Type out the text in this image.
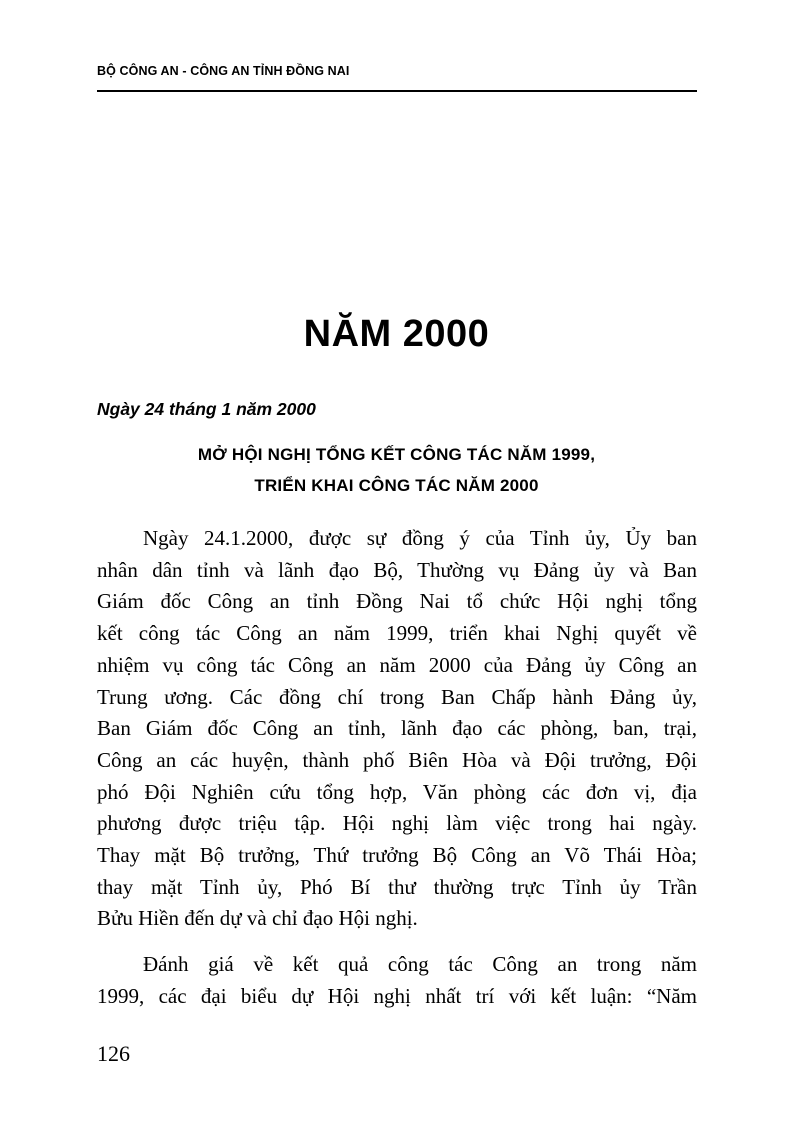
BỘ CÔNG AN - CÔNG AN TỈNH ĐỒNG NAI
NĂM 2000
Ngày 24 tháng 1 năm 2000
MỞ HỘI NGHỊ TỔNG KẾT CÔNG TÁC NĂM 1999,
TRIỂN KHAI CÔNG TÁC NĂM 2000

Ngày 24.1.2000, được sự đồng ý của Tỉnh ủy, Ủy ban
nhân dân tỉnh và lãnh đạo Bộ, Thường vụ Đảng ủy và Ban
Giám đốc Công an tỉnh Đồng Nai tổ chức Hội nghị tổng
kết công tác Công an năm 1999, triển khai Nghị quyết về
nhiệm vụ công tác Công an năm 2000 của Đảng ủy Công an
Trung ương. Các đồng chí trong Ban Chấp hành Đảng ủy,
Ban Giám đốc Công an tỉnh, lãnh đạo các phòng, ban, trại,
Công an các huyện, thành phố Biên Hòa và Đội trưởng, Đội
phó Đội Nghiên cứu tổng hợp, Văn phòng các đơn vị, địa
phương được triệu tập. Hội nghị làm việc trong hai ngày.
Thay mặt Bộ trưởng, Thứ trưởng Bộ Công an Võ Thái Hòa;
thay mặt Tỉnh ủy, Phó Bí thư thường trực Tỉnh ủy Trần
Bửu Hiền đến dự và chỉ đạo Hội nghị.

Đánh giá về kết quả công tác Công an trong năm
1999, các đại biểu dự Hội nghị nhất trí với kết luận: “Năm

126
